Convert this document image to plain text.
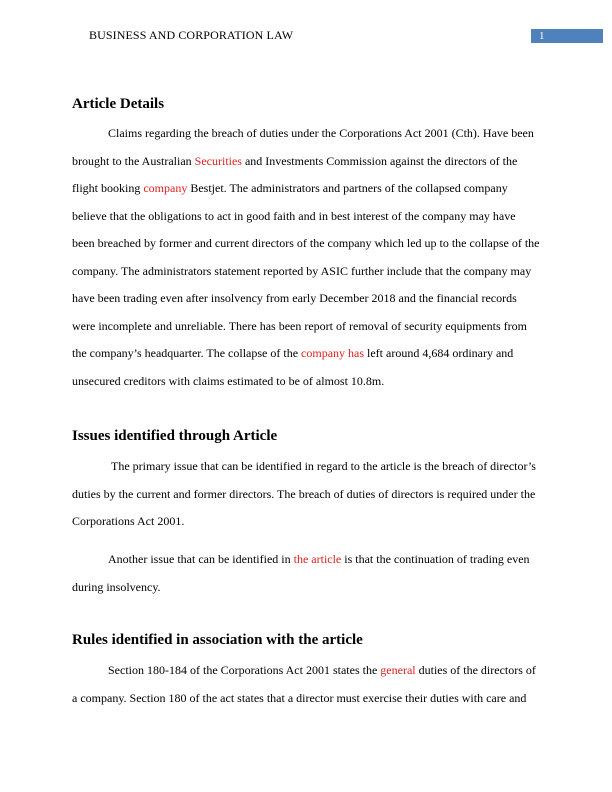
BUSINESS AND CORPORATION LAW	1
Article Details
Claims regarding the breach of duties under the Corporations Act 2001 (Cth). Have been
brought to the Australian Securities and Investments Commission against the directors of the
flight booking company Bestjet. The administrators and partners of the collapsed company
believe that the obligations to act in good faith and in best interest of the company may have
been breached by former and current directors of the company which led up to the collapse of the
company. The administrators statement reported by ASIC further include that the company may
have been trading even after insolvency from early December 2018 and the financial records
were incomplete and unreliable. There has been report of removal of security equipments from
the company’s headquarter. The collapse of the company has left around 4,684 ordinary and
unsecured creditors with claims estimated to be of almost 10.8m.
Issues identified through Article
The primary issue that can be identified in regard to the article is the breach of director’s
duties by the current and former directors. The breach of duties of directors is required under the
Corporations Act 2001.
Another issue that can be identified in the article is that the continuation of trading even
during insolvency.
Rules identified in association with the article
Section 180-184 of the Corporations Act 2001 states the general duties of the directors of
a company. Section 180 of the act states that a director must exercise their duties with care and
